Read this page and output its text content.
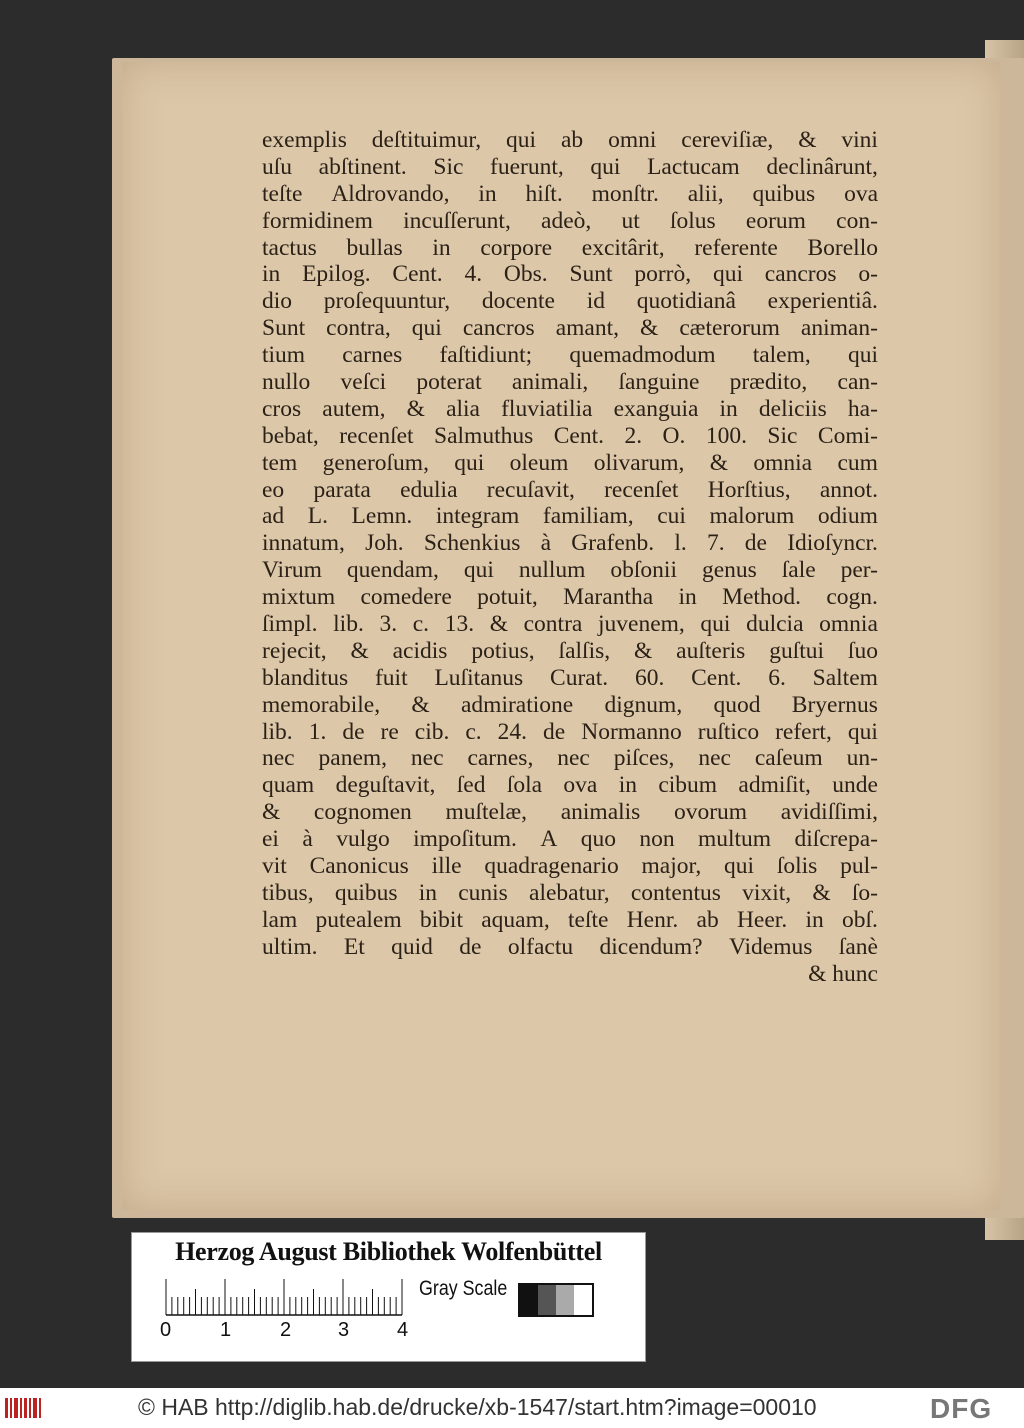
exemplis deſtituimur, qui ab omni cereviſiæ, & vini
uſu abſtinent. Sic fuerunt, qui Lactucam declinârunt,
teſte Aldrovando, in hiſt. monſtr. alii, quibus ova
formidinem incuſſerunt, adeò, ut ſolus eorum con-
tactus bullas in corpore excitârit, referente Borello
in Epilog. Cent. 4. Obs. Sunt porrò, qui cancros o-
dio proſequuntur, docente id quotidianâ experientiâ.
Sunt contra, qui cancros amant, & cæterorum animan-
tium carnes faſtidiunt; quemadmodum talem, qui
nullo veſci poterat animali, ſanguine prædito, can-
cros autem, & alia fluviatilia exanguia in deliciis ha-
bebat, recenſet Salmuthus Cent. 2. O. 100. Sic Comi-
tem generoſum, qui oleum olivarum, & omnia cum
eo parata edulia recuſavit, recenſet Horſtius, annot.
ad L. Lemn. integram familiam, cui malorum odium
innatum, Joh. Schenkius à Grafenb. l. 7. de Idioſyncr.
Virum quendam, qui nullum obſonii genus ſale per-
mixtum comedere potuit, Marantha in Method. cogn.
ſimpl. lib. 3. c. 13. & contra juvenem, qui dulcia omnia
rejecit, & acidis potius, ſalſis, & auſteris guſtui ſuo
blanditus fuit Luſitanus Curat. 60. Cent. 6. Saltem
memorabile, & admiratione dignum, quod Bryernus
lib. 1. de re cib. c. 24. de Normanno ruſtico refert, qui
nec panem, nec carnes, nec piſces, nec caſeum un-
quam deguſtavit, ſed ſola ova in cibum admiſit, unde
& cognomen muſtelæ, animalis ovorum avidiſſimi,
ei à vulgo impoſitum. A quo non multum diſcrepa-
vit Canonicus ille quadragenario major, qui ſolis pul-
tibus, quibus in cunis alebatur, contentus vixit, & ſo-
lam putealem bibit aquam, teſte Henr. ab Heer. in obſ.
ultim. Et quid de olfactu dicendum? Videmus ſanè
& hunc
Herzog August Bibliothek Wolfenbüttel
Gray Scale
0 1 2 3 4
© HAB http://diglib.hab.de/drucke/xb-1547/start.htm?image=00010	DFG
